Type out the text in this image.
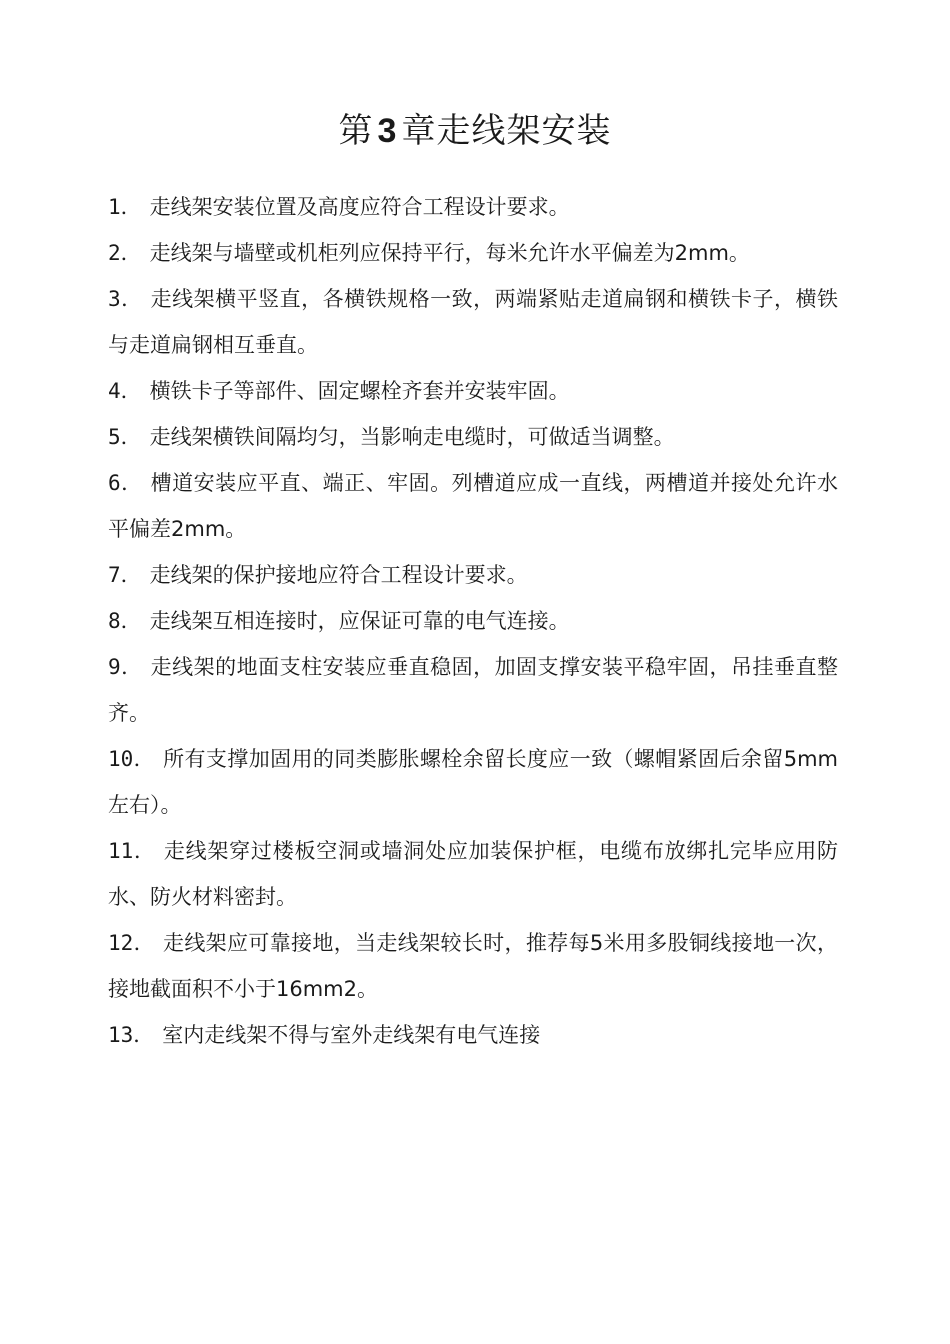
第 3 章走线架安装

1． 走线架安装位置及高度应符合工程设计要求。

2． 走线架与墙壁或机柜列应保持平行，每米允许水平偏差为2mm。

3． 走线架横平竖直，各横铁规格一致，两端紧贴走道扁钢和横铁卡子，横铁与走道扁钢相互垂直。

4． 横铁卡子等部件、固定螺栓齐套并安装牢固。

5． 走线架横铁间隔均匀，当影响走电缆时，可做适当调整。

6． 槽道安装应平直、端正、牢固。列槽道应成一直线，两槽道并接处允许水平偏差2mm。

7． 走线架的保护接地应符合工程设计要求。

8． 走线架互相连接时，应保证可靠的电气连接。

9． 走线架的地面支柱安装应垂直稳固，加固支撑安装平稳牢固，吊挂垂直整齐。

10． 所有支撑加固用的同类膨胀螺栓余留长度应一致（螺帽紧固后余留5mm左右）。

11． 走线架穿过楼板空洞或墙洞处应加装保护框，电缆布放绑扎完毕应用防水、防火材料密封。

12． 走线架应可靠接地，当走线架较长时，推荐每5米用多股铜线接地一次，接地截面积不小于16mm2。

13． 室内走线架不得与室外走线架有电气连接
